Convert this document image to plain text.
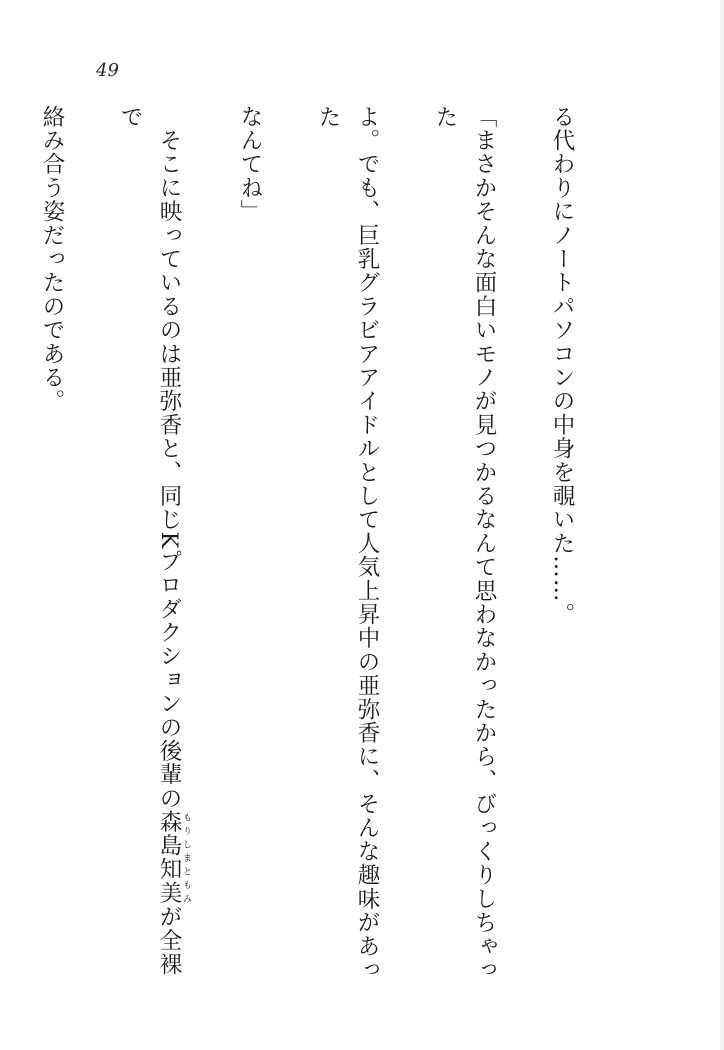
49

る代わりにノートパソコンの中身を覗いた……。

「まさかそんな面白いモノが見つかるなんて思わなかったから、びっくりしちゃった

よ。でも、巨乳グラビアアイドルとして人気上昇中の亜弥香に、そんな趣味があった

なんてね」

　そこに映っているのは亜弥香と、同じKプロダクションの後輩の森島知美 もりしまともみが全裸で

絡み合う姿だったのである。
